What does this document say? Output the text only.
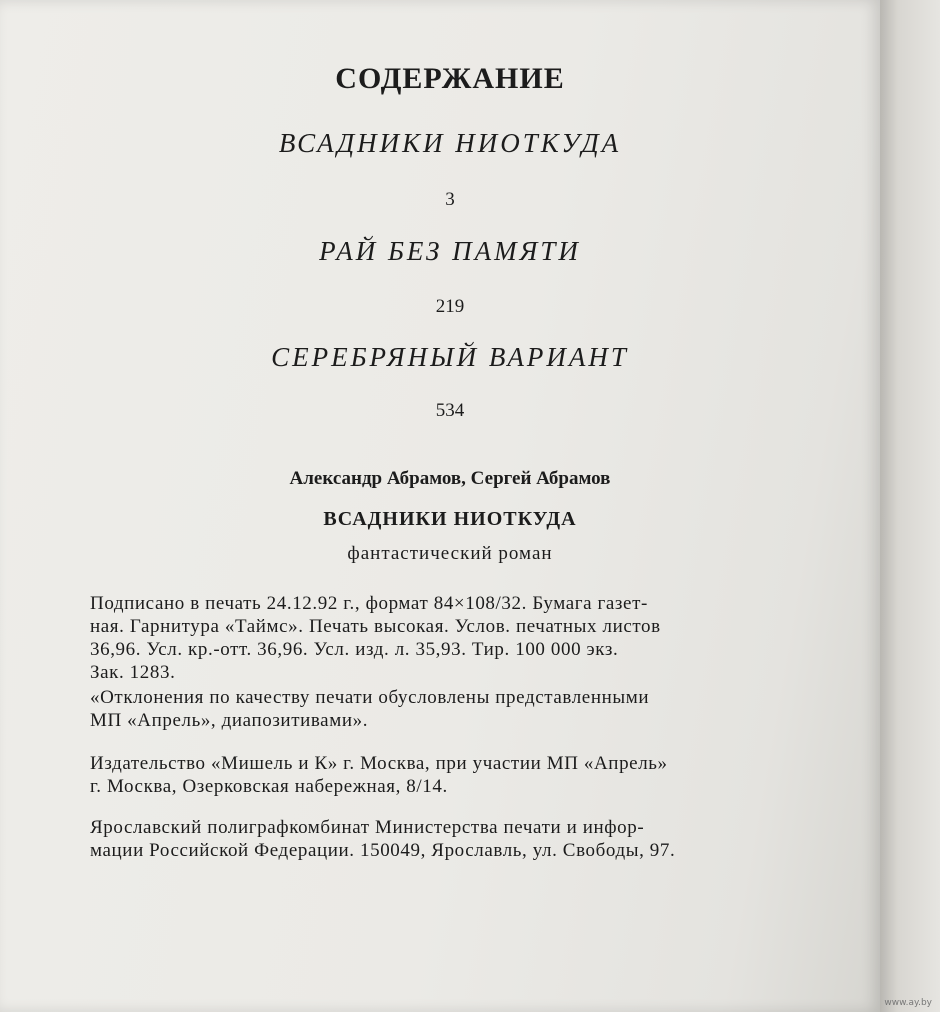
СОДЕРЖАНИЕ
ВСАДНИКИ НИОТКУДА
3
РАЙ БЕЗ ПАМЯТИ
219
СЕРЕБРЯНЫЙ ВАРИАНТ
534
Александр Абрамов, Сергей Абрамов
ВСАДНИКИ НИОТКУДА
фантастический роман
Подписано в печать 24.12.92 г., формат 84×108/32. Бумага газет-
ная. Гарнитура «Таймс». Печать высокая. Услов. печатных листов
36,96. Усл. кр.-отт. 36,96. Усл. изд. л. 35,93. Тир. 100 000 экз.
Зак. 1283.
«Отклонения по качеству печати обусловлены представленными
МП «Апрель», диапозитивами».
Издательство «Мишель и К» г. Москва, при участии МП «Апрель»
г. Москва, Озерковская набережная, 8/14.
Ярославский полиграфкомбинат Министерства печати и инфор-
мации Российской Федерации. 150049, Ярославль, ул. Свободы, 97.
www.ay.by
